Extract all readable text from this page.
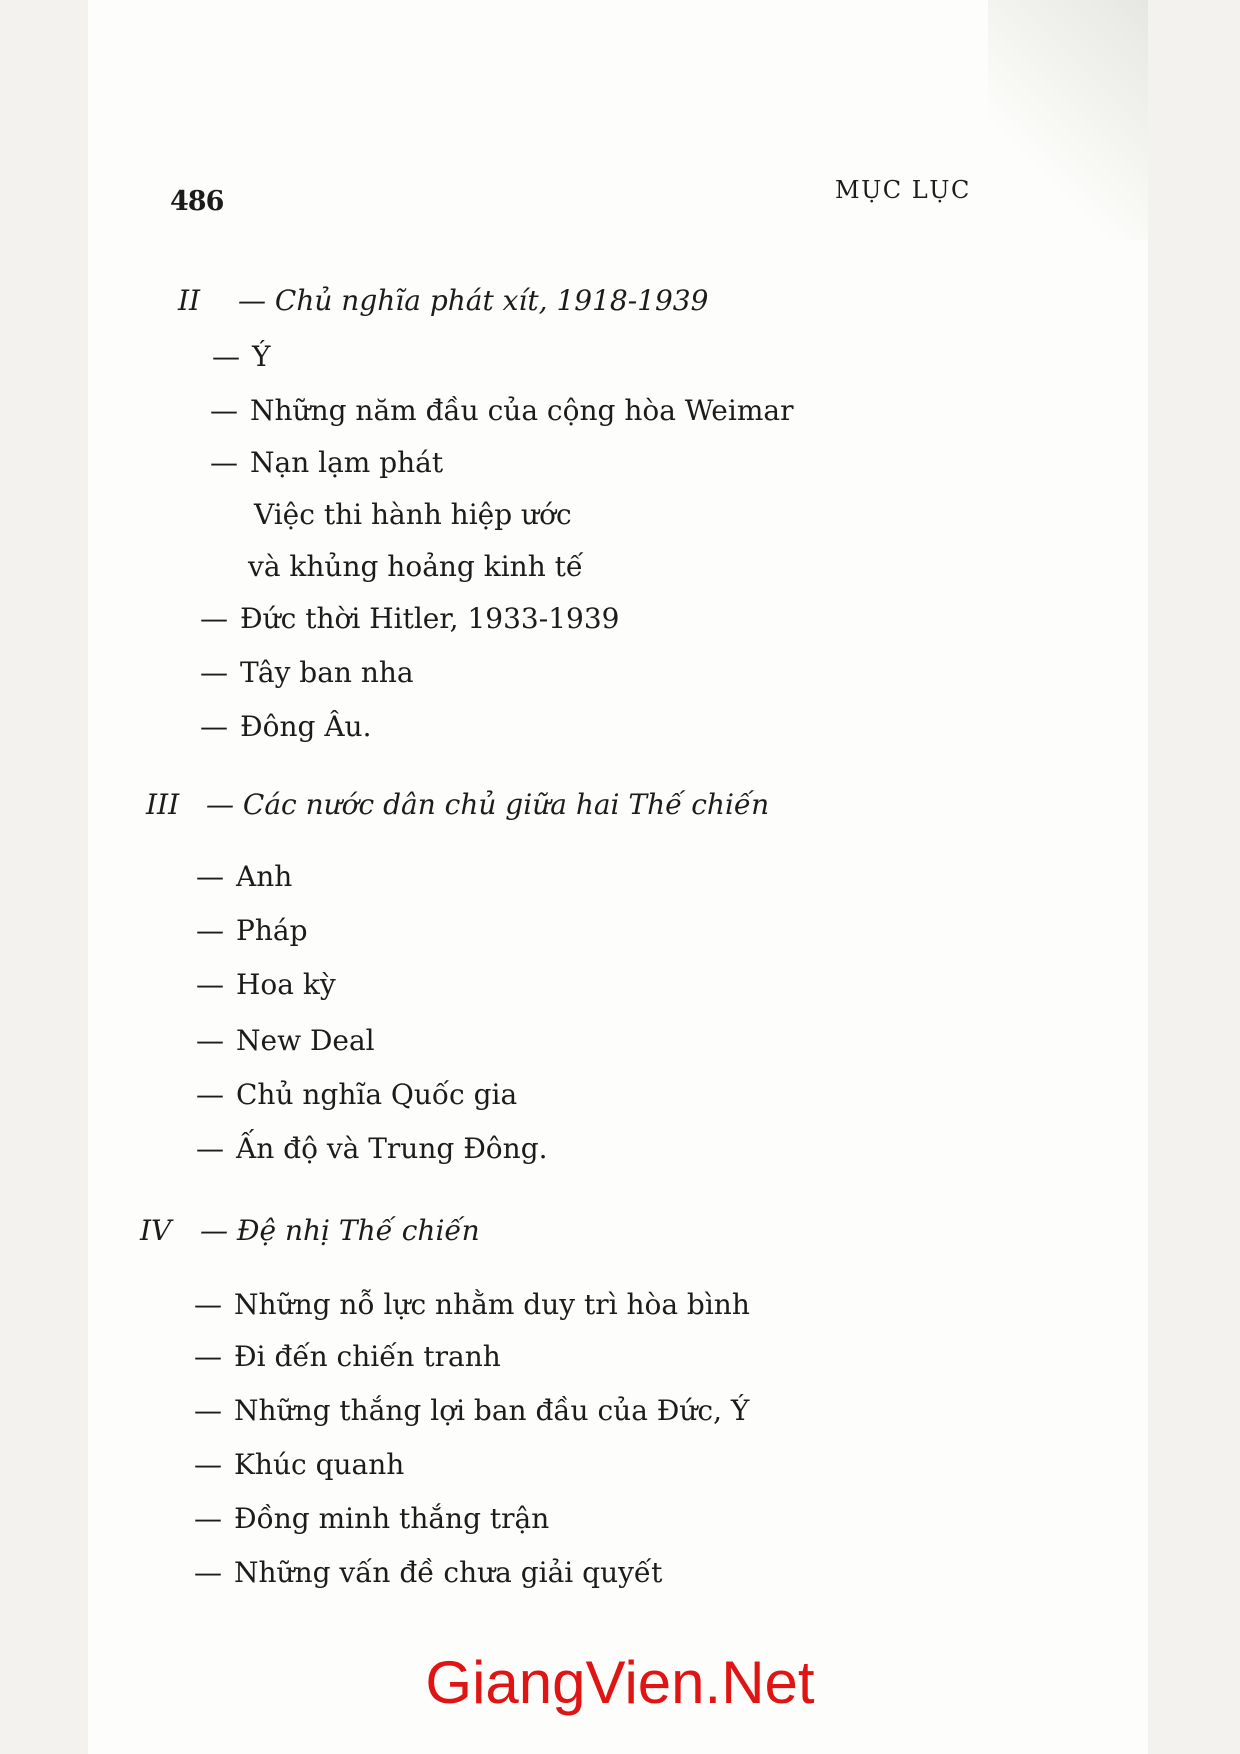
486	MỤC LỤC
II — Chủ nghĩa phát xít, 1918-1939
— Ý
— Những năm đầu của cộng hòa Weimar
— Nạn lạm phát
Việc thi hành hiệp ước
và khủng hoảng kinh tế
— Đức thời Hitler, 1933-1939
— Tây ban nha
— Đông Âu.
III — Các nước dân chủ giữa hai Thế chiến
— Anh
— Pháp
— Hoa kỳ
— New Deal
— Chủ nghĩa Quốc gia
— Ấn độ và Trung Đông.
IV — Đệ nhị Thế chiến
— Những nỗ lực nhằm duy trì hòa bình
— Đi đến chiến tranh
— Những thắng lợi ban đầu của Đức, Ý
— Khúc quanh
— Đồng minh thắng trận
— Những vấn đề chưa giải quyết
GiangVien.Net
